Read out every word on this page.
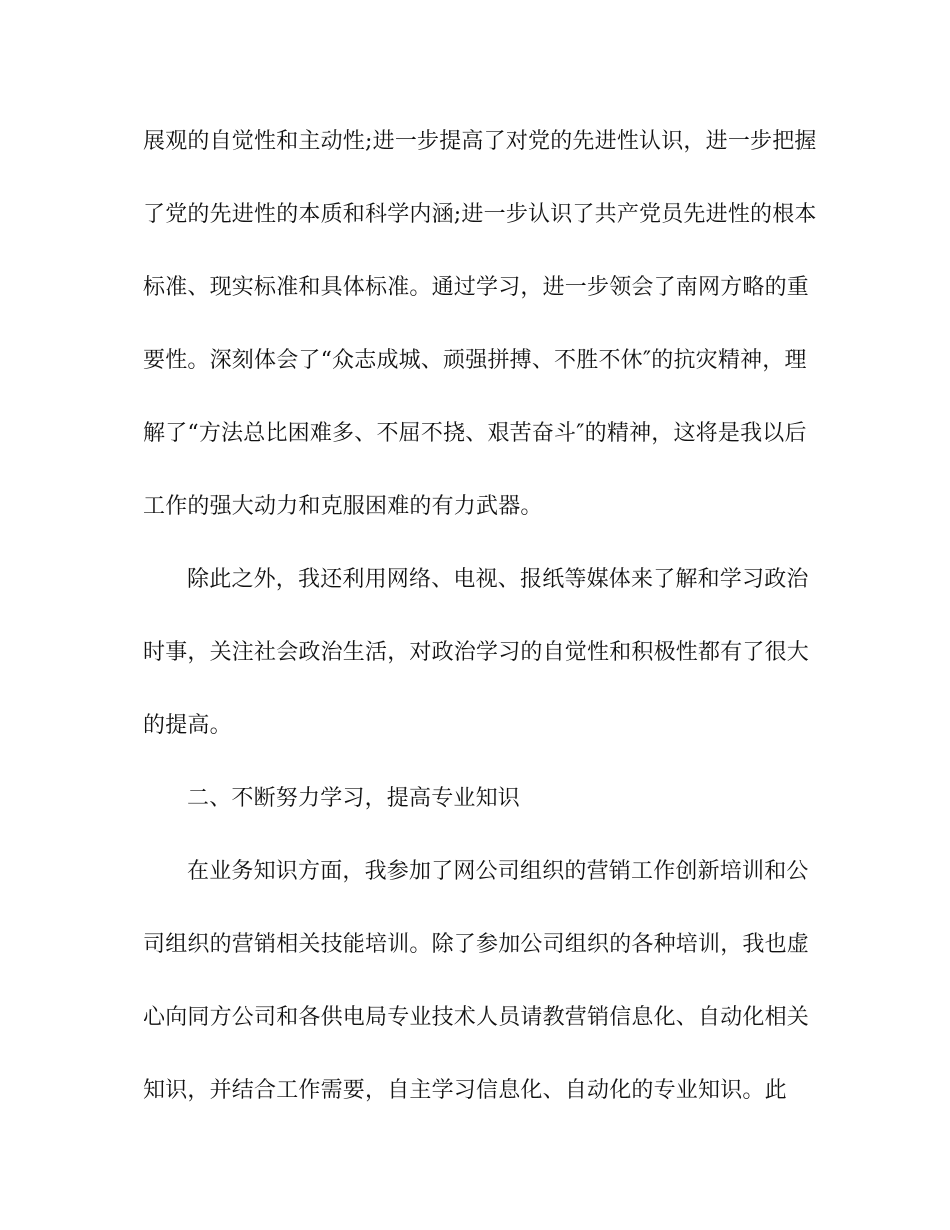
展观的自觉性和主动性;进一步提高了对党的先进性认识，进一步把握
了党的先进性的本质和科学内涵;进一步认识了共产党员先进性的根本
标准、现实标准和具体标准。通过学习，进一步领会了南网方略的重
要性。深刻体会了“众志成城、顽强拼搏、不胜不休″的抗灾精神，理
解了“方法总比困难多、不屈不挠、艰苦奋斗″的精神，这将是我以后
工作的强大动力和克服困难的有力武器。
除此之外，我还利用网络、电视、报纸等媒体来了解和学习政治
时事，关注社会政治生活，对政治学习的自觉性和积极性都有了很大
的提高。
二、不断努力学习，提高专业知识
在业务知识方面，我参加了网公司组织的营销工作创新培训和公
司组织的营销相关技能培训。除了参加公司组织的各种培训，我也虚
心向同方公司和各供电局专业技术人员请教营销信息化、自动化相关
知识，并结合工作需要，自主学习信息化、自动化的专业知识。此
